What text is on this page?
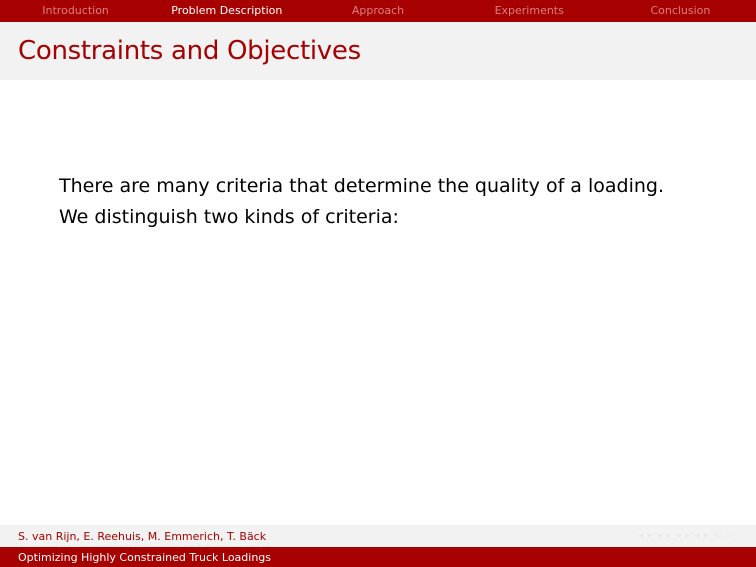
Introduction	Problem Description	Approach	Experiments	Conclusion
Constraints and Objectives

There are many criteria that determine the quality of a loading.

We distinguish two kinds of criteria:

S. van Rijn, E. Reehuis, M. Emmerich, T. Bäck	◂ ▸ ◂ ▸ ◂ ▸ ◂ ▸ ⟲ ⌕
Optimizing Highly Constrained Truck Loadings
